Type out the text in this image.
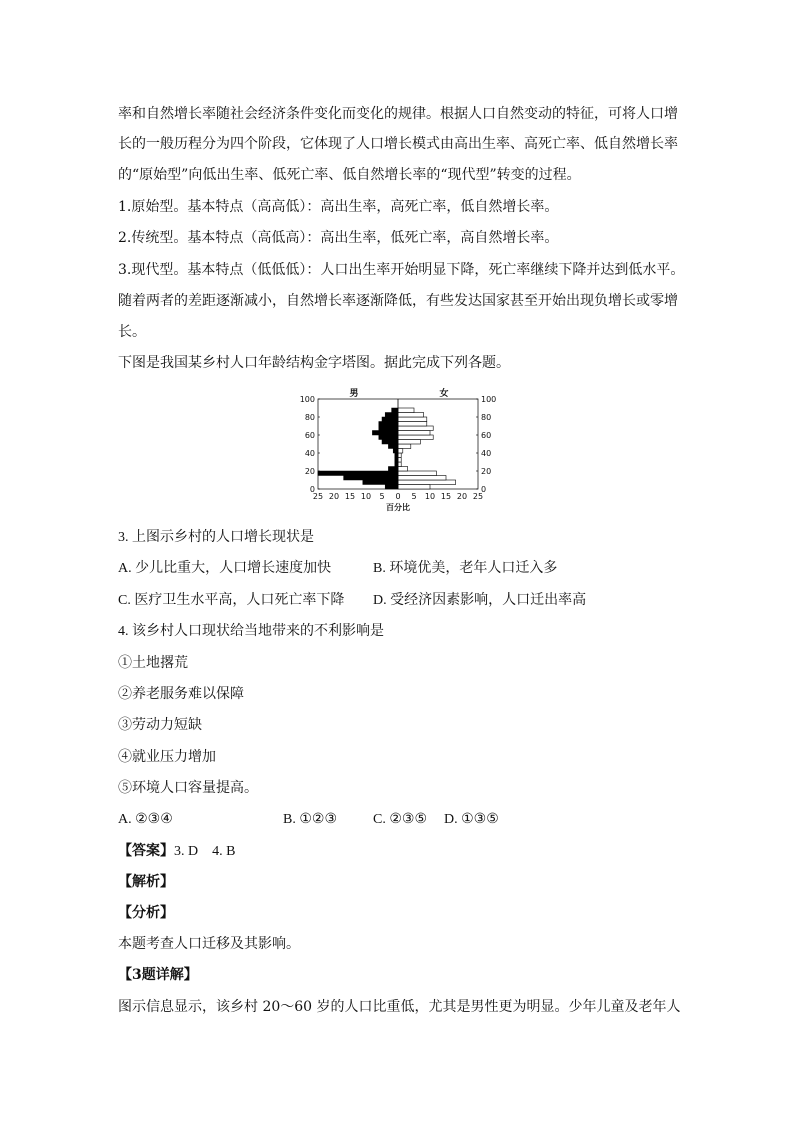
率和自然增长率随社会经济条件变化而变化的规律。根据人口自然变动的特征，可将人口增
长的一般历程分为四个阶段，它体现了人口增长模式由高出生率、高死亡率、低自然增长率
的“原始型”向低出生率、低死亡率、低自然增长率的“现代型”转变的过程。
1.原始型。基本特点（高高低）：高出生率，高死亡率，低自然增长率。
2.传统型。基本特点（高低高）：高出生率，低死亡率，高自然增长率。
3.现代型。基本特点（低低低）：人口出生率开始明显下降，死亡率继续下降并达到低水平。
随着两者的差距逐渐减小，自然增长率逐渐降低，有些发达国家甚至开始出现负增长或零增
长。
下图是我国某乡村人口年龄结构金字塔图。据此完成下列各题。
男	女
0
20
40
60
80
100
0
20
40
60
80
100
25 20 15 10 5 0 5 10 15 20 25
百分比
3. 上图示乡村的人口增长现状是
A. 少儿比重大，人口增长速度加快	B. 环境优美，老年人口迁入多
C. 医疗卫生水平高，人口死亡率下降 D. 受经济因素影响，人口迁出率高
4. 该乡村人口现状给当地带来的不利影响是
①土地撂荒
②养老服务难以保障
③劳动力短缺
④就业压力增加
⑤环境人口容量提高。
A. ②③④	B. ①②③	C. ②③⑤ D. ①③⑤
【答案】3. D    4. B
【解析】
【分析】
本题考查人口迁移及其影响。
【3题详解】
图示信息显示，该乡村 20～60 岁的人口比重低，尤其是男性更为明显。少年儿童及老年人
